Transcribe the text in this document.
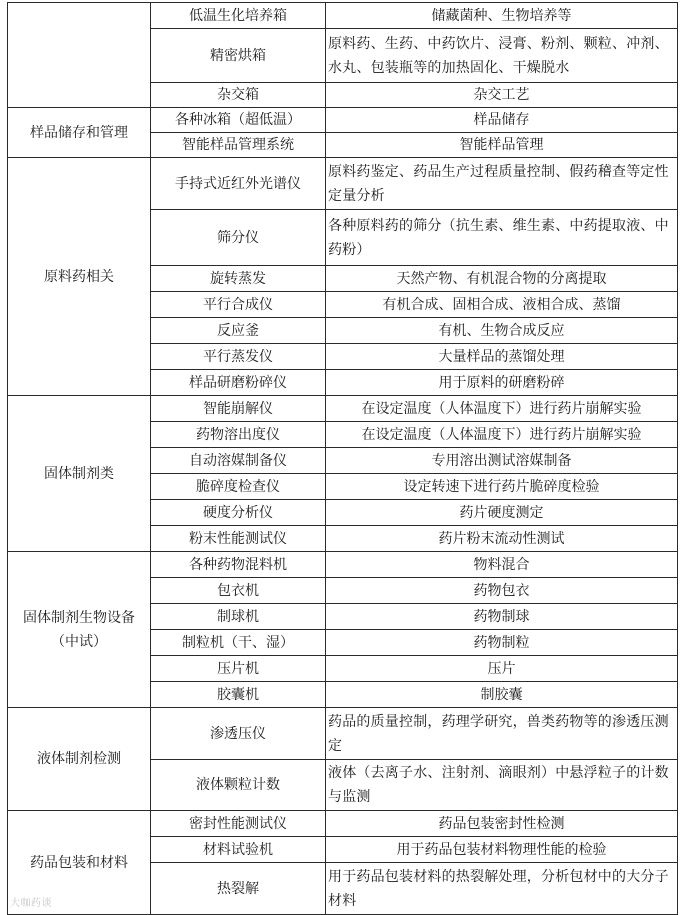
	低温生化培养箱	储藏菌种、生物培养等
	精密烘箱	原料药、生药、中药饮片、浸膏、粉剂、颗粒、冲剂、水丸、包装瓶等的加热固化、干燥脱水
	杂交箱	杂交工艺
样品储存和管理	各种冰箱（超低温）	样品储存
	智能样品管理系统	智能样品管理
原料药相关	手持式近红外光谱仪	原料药鉴定、药品生产过程质量控制、假药稽查等定性定量分析
	筛分仪	各种原料药的筛分（抗生素、维生素、中药提取液、中药粉）
	旋转蒸发	天然产物、有机混合物的分离提取
	平行合成仪	有机合成、固相合成、液相合成、蒸馏
	反应釜	有机、生物合成反应
	平行蒸发仪	大量样品的蒸馏处理
	样品研磨粉碎仪	用于原料的研磨粉碎
固体制剂类	智能崩解仪	在设定温度（人体温度下）进行药片崩解实验
	药物溶出度仪	在设定温度（人体温度下）进行药片崩解实验
	自动溶媒制备仪	专用溶出测试溶媒制备
	脆碎度检查仪	设定转速下进行药片脆碎度检验
	硬度分析仪	药片硬度测定
	粉末性能测试仪	药片粉末流动性测试
固体制剂生物设备（中试）	各种药物混料机	物料混合
	包衣机	药物包衣
	制球机	药物制球
	制粒机（干、湿）	药物制粒
	压片机	压片
	胶囊机	制胶囊
液体制剂检测	渗透压仪	药品的质量控制，药理学研究，兽类药物等的渗透压测定
	液体颗粒计数	液体（去离子水、注射剂、滴眼剂）中悬浮粒子的计数与监测
药品包装和材料	密封性能测试仪	药品包装密封性检测
	材料试验机	用于药品包装材料物理性能的检验
	热裂解	用于药品包装材料的热裂解处理，分析包材中的大分子材料
大咖药谈
